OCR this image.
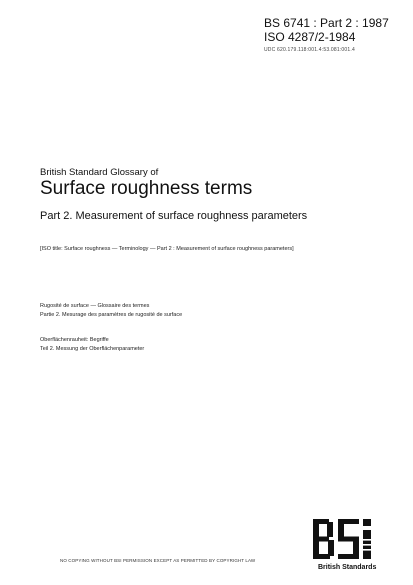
BS 6741 : Part 2 : 1987
ISO 4287/2-1984
UDC 620.179.118:001.4:53.081:001.4
British Standard Glossary of
Surface roughness terms
Part 2. Measurement of surface roughness parameters
[ISO title: Surface roughness — Terminology — Part 2 : Measurement of surface roughness parameters]
Rugosité de surface — Glossaire des termes
Partie 2. Mesurage des paramètres de rugosité de surface
Oberflächenrauheit: Begriffe
Teil 2. Messung der Oberflächenparameter
NO COPYING WITHOUT BSI PERMISSION EXCEPT AS PERMITTED BY COPYRIGHT LAW
British Standards
